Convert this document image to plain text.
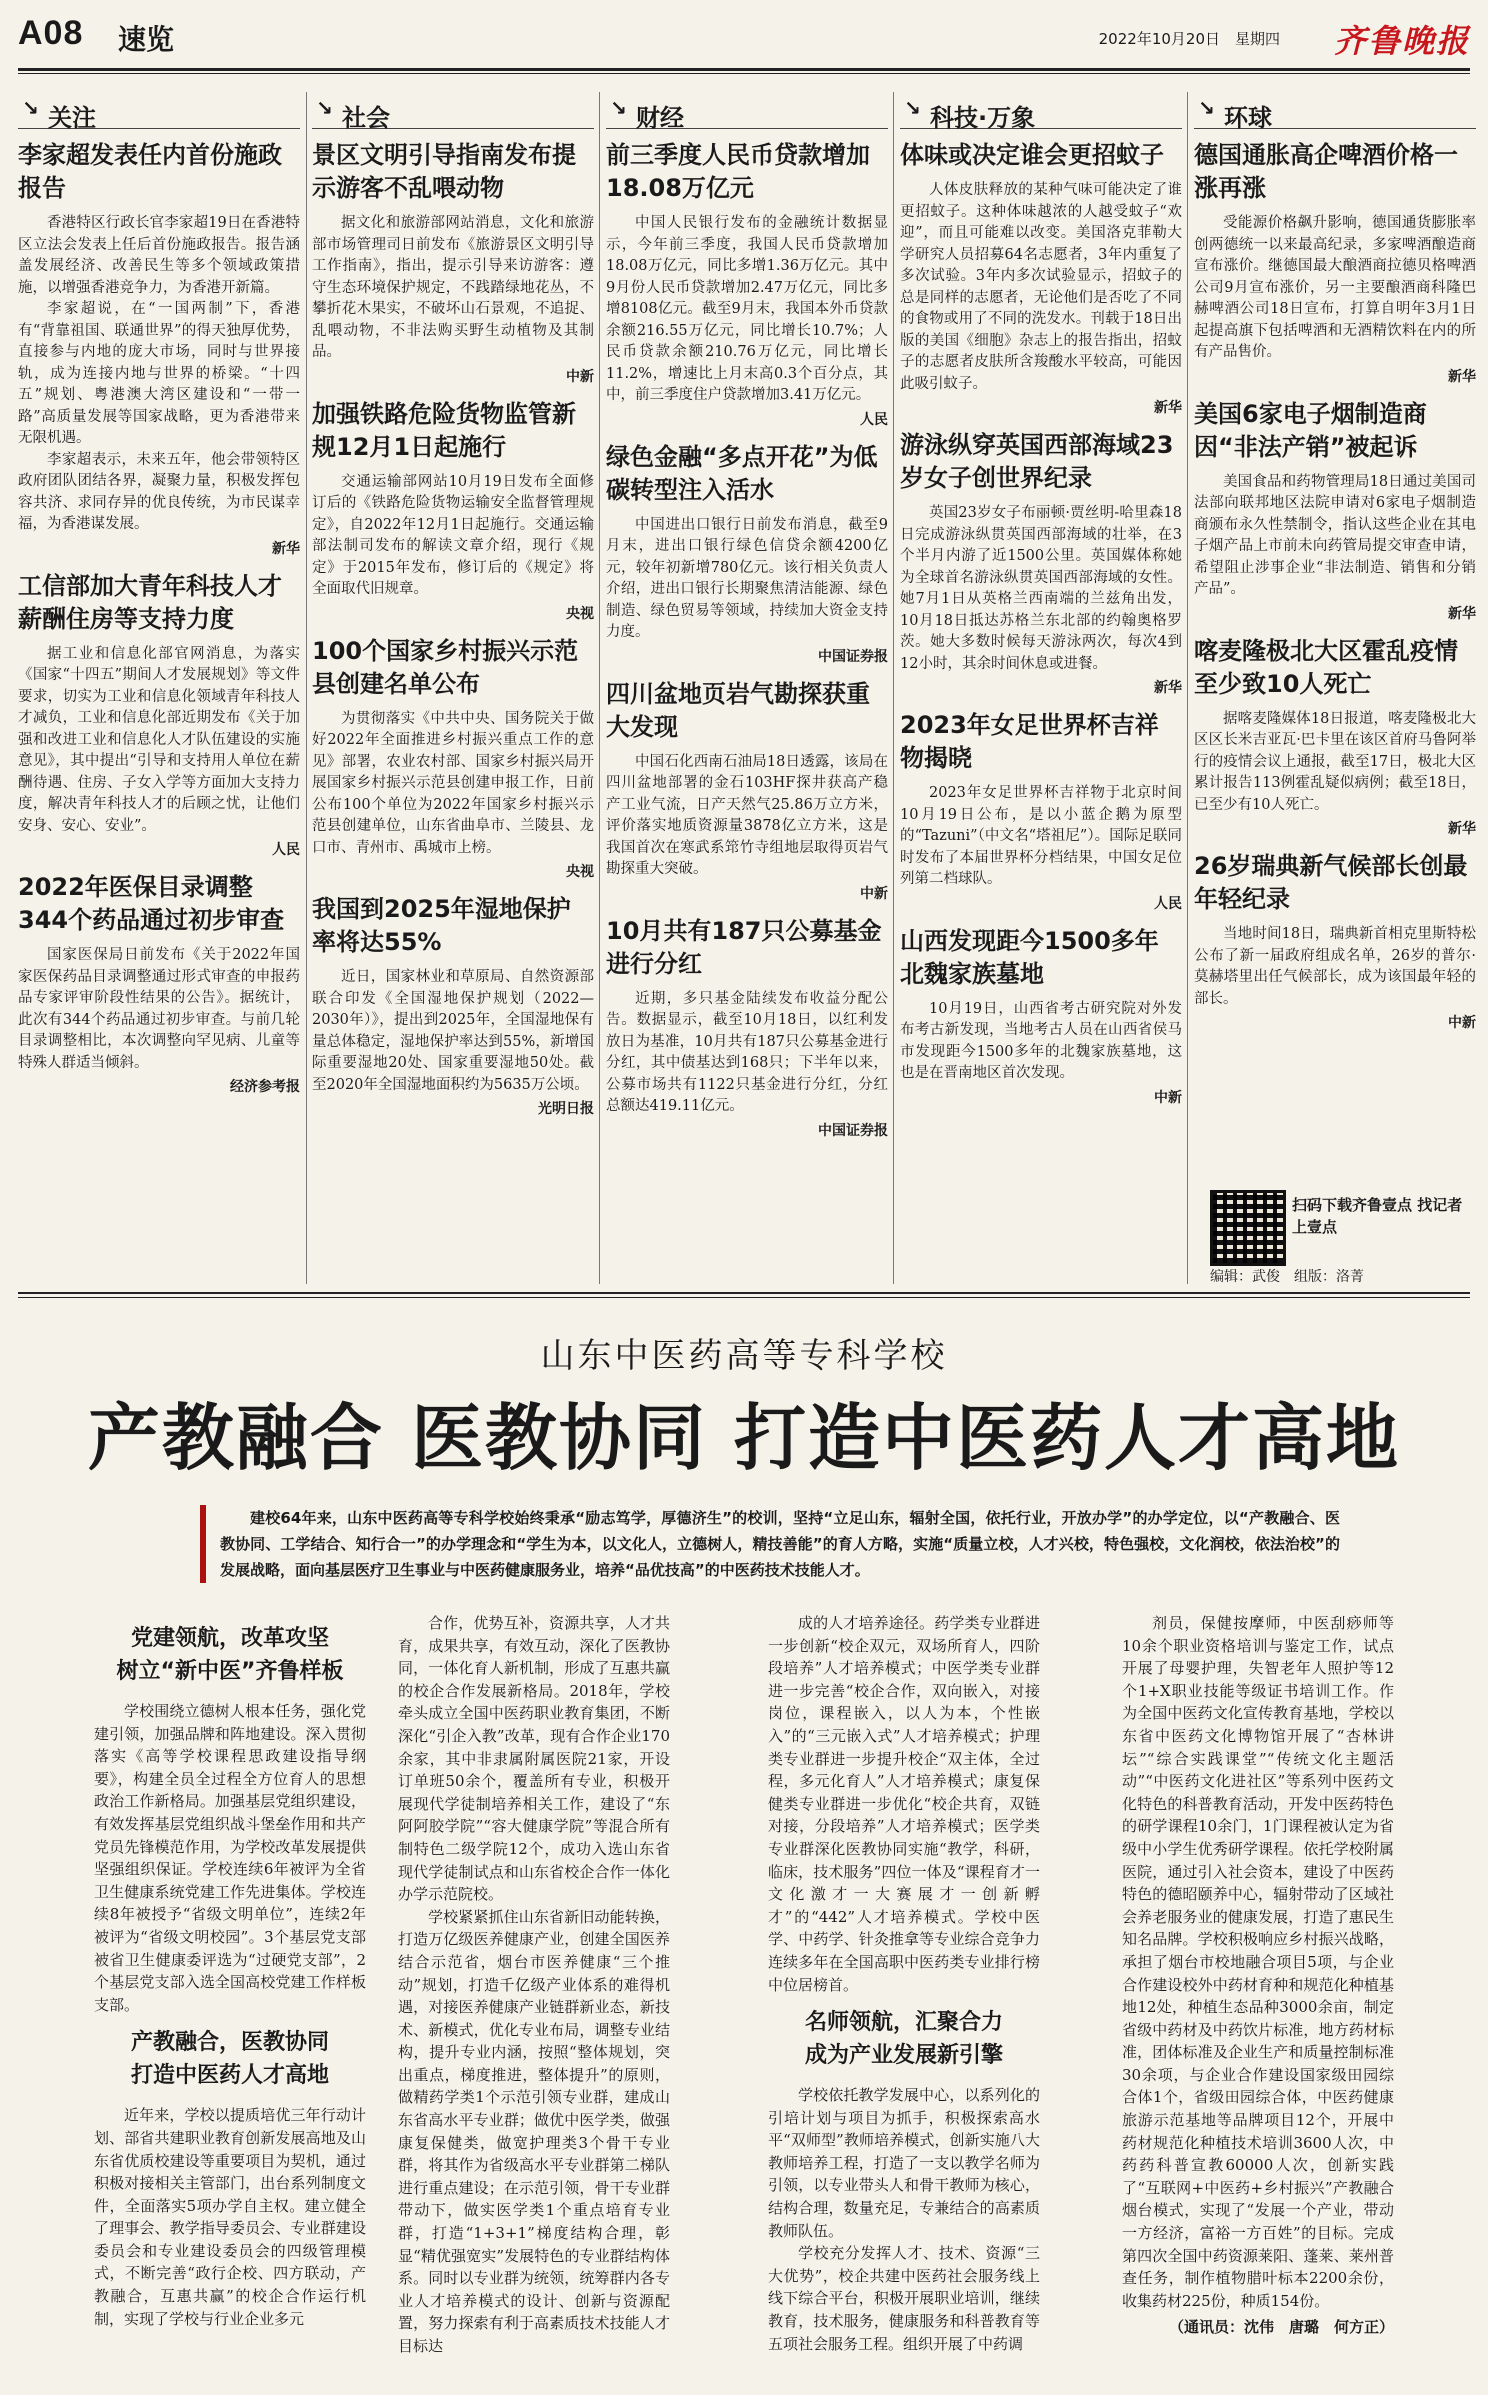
A08 速览	2022年10月20日　星期四 齐鲁晚报
↘ 关注
李家超发表任内首份施政报告

香港特区行政长官李家超19日在香港特区立法会发表上任后首份施政报告。报告涵盖发展经济、改善民生等多个领域政策措施，以增强香港竞争力，为香港开新篇。

李家超说，在“一国两制”下，香港有“背靠祖国、联通世界”的得天独厚优势，直接参与内地的庞大市场，同时与世界接轨，成为连接内地与世界的桥梁。“十四五”规划、粤港澳大湾区建设和“一带一路”高质量发展等国家战略，更为香港带来无限机遇。

李家超表示，未来五年，他会带领特区政府团队团结各界，凝聚力量，积极发挥包容共济、求同存异的优良传统，为市民谋幸福，为香港谋发展。

新华
工信部加大青年科技人才薪酬住房等支持力度

据工业和信息化部官网消息，为落实《国家“十四五”期间人才发展规划》等文件要求，切实为工业和信息化领域青年科技人才减负，工业和信息化部近期发布《关于加强和改进工业和信息化人才队伍建设的实施意见》，其中提出“引导和支持用人单位在薪酬待遇、住房、子女入学等方面加大支持力度，解决青年科技人才的后顾之忧，让他们安身、安心、安业”。

人民
2022年医保目录调整344个药品通过初步审查

国家医保局日前发布《关于2022年国家医保药品目录调整通过形式审查的申报药品专家评审阶段性结果的公告》。据统计，此次有344个药品通过初步审查。与前几轮目录调整相比，本次调整向罕见病、儿童等特殊人群适当倾斜。

经济参考报
↘ 社会
景区文明引导指南发布提示游客不乱喂动物

据文化和旅游部网站消息，文化和旅游部市场管理司日前发布《旅游景区文明引导工作指南》，指出，提示引导来访游客：遵守生态环境保护规定，不践踏绿地花丛，不攀折花木果实，不破坏山石景观，不追捉、乱喂动物，不非法购买野生动植物及其制品。

中新
加强铁路危险货物监管新规12月1日起施行

交通运输部网站10月19日发布全面修订后的《铁路危险货物运输安全监督管理规定》，自2022年12月1日起施行。交通运输部法制司发布的解读文章介绍，现行《规定》于2015年发布，修订后的《规定》将全面取代旧规章。

央视
100个国家乡村振兴示范县创建名单公布

为贯彻落实《中共中央、国务院关于做好2022年全面推进乡村振兴重点工作的意见》部署，农业农村部、国家乡村振兴局开展国家乡村振兴示范县创建申报工作，日前公布100个单位为2022年国家乡村振兴示范县创建单位，山东省曲阜市、兰陵县、龙口市、青州市、禹城市上榜。

央视
我国到2025年湿地保护率将达55%

近日，国家林业和草原局、自然资源部联合印发《全国湿地保护规划（2022—2030年）》，提出到2025年，全国湿地保有量总体稳定，湿地保护率达到55%，新增国际重要湿地20处、国家重要湿地50处。截至2020年全国湿地面积约为5635万公顷。

光明日报
↘ 财经
前三季度人民币贷款增加18.08万亿元

中国人民银行发布的金融统计数据显示，今年前三季度，我国人民币贷款增加18.08万亿元，同比多增1.36万亿元。其中9月份人民币贷款增加2.47万亿元，同比多增8108亿元。截至9月末，我国本外币贷款余额216.55万亿元，同比增长10.7%；人民币贷款余额210.76万亿元，同比增长11.2%，增速比上月末高0.3个百分点，其中，前三季度住户贷款增加3.41万亿元。

人民
绿色金融“多点开花”为低碳转型注入活水

中国进出口银行日前发布消息，截至9月末，进出口银行绿色信贷余额4200亿元，较年初新增780亿元。该行相关负责人介绍，进出口银行长期聚焦清洁能源、绿色制造、绿色贸易等领域，持续加大资金支持力度。

中国证券报
四川盆地页岩气勘探获重大发现

中国石化西南石油局18日透露，该局在四川盆地部署的金石103HF探井获高产稳产工业气流，日产天然气25.86万立方米，评价落实地质资源量3878亿立方米，这是我国首次在寒武系筇竹寺组地层取得页岩气勘探重大突破。

中新
10月共有187只公募基金进行分红

近期，多只基金陆续发布收益分配公告。数据显示，截至10月18日，以红利发放日为基准，10月共有187只公募基金进行分红，其中债基达到168只；下半年以来，公募市场共有1122只基金进行分红，分红总额达419.11亿元。

中国证券报
↘ 科技·万象
体味或决定谁会更招蚊子

人体皮肤释放的某种气味可能决定了谁更招蚊子。这种体味越浓的人越受蚊子“欢迎”，而且可能难以改变。美国洛克菲勒大学研究人员招募64名志愿者，3年内重复了多次试验。3年内多次试验显示，招蚊子的总是同样的志愿者，无论他们是否吃了不同的食物或用了不同的洗发水。刊载于18日出版的美国《细胞》杂志上的报告指出，招蚊子的志愿者皮肤所含羧酸水平较高，可能因此吸引蚊子。

新华
游泳纵穿英国西部海域23岁女子创世界纪录

英国23岁女子布丽顿·贾丝明-哈里森18日完成游泳纵贯英国西部海域的壮举，在3个半月内游了近1500公里。英国媒体称她为全球首名游泳纵贯英国西部海域的女性。她7月1日从英格兰西南端的兰兹角出发，10月18日抵达苏格兰东北部的约翰奥格罗茨。她大多数时候每天游泳两次，每次4到12小时，其余时间休息或进餐。

新华
2023年女足世界杯吉祥物揭晓

2023年女足世界杯吉祥物于北京时间10月19日公布，是以小蓝企鹅为原型的“Tazuni”（中文名“塔祖尼”）。国际足联同时发布了本届世界杯分档结果，中国女足位列第二档球队。

人民
山西发现距今1500多年北魏家族墓地

10月19日，山西省考古研究院对外发布考古新发现，当地考古人员在山西省侯马市发现距今1500多年的北魏家族墓地，这也是在晋南地区首次发现。

中新
↘ 环球
德国通胀高企啤酒价格一涨再涨

受能源价格飙升影响，德国通货膨胀率创两德统一以来最高纪录，多家啤酒酿造商宣布涨价。继德国最大酿酒商拉德贝格啤酒公司9月宣布涨价，另一主要酿酒商科隆巴赫啤酒公司18日宣布，打算自明年3月1日起提高旗下包括啤酒和无酒精饮料在内的所有产品售价。

新华
美国6家电子烟制造商因“非法产销”被起诉

美国食品和药物管理局18日通过美国司法部向联邦地区法院申请对6家电子烟制造商颁布永久性禁制令，指认这些企业在其电子烟产品上市前未向药管局提交审查申请，希望阻止涉事企业“非法制造、销售和分销产品”。

新华
喀麦隆极北大区霍乱疫情至少致10人死亡

据喀麦隆媒体18日报道，喀麦隆极北大区区长米吉亚瓦·巴卡里在该区首府马鲁阿举行的疫情会议上通报，截至17日，极北大区累计报告113例霍乱疑似病例；截至18日，已至少有10人死亡。

新华
26岁瑞典新气候部长创最年轻纪录

当地时间18日，瑞典新首相克里斯特松公布了新一届政府组成名单，26岁的普尔·莫赫塔里出任气候部长，成为该国最年轻的部长。

中新
扫码下载齐鲁壹点 找记者 上壹点
编辑：武俊　组版：洛菁
山东中医药高等专科学校
产教融合 医教协同 打造中医药人才高地
建校64年来，山东中医药高等专科学校始终秉承“励志笃学，厚德济生”的校训，坚持“立足山东，辐射全国，依托行业，开放办学”的办学定位，以“产教融合、医教协同、工学结合、知行合一”的办学理念和“学生为本，以文化人，立德树人，精技善能”的育人方略，实施“质量立校，人才兴校，特色强校，文化润校，依法治校”的发展战略，面向基层医疗卫生事业与中医药健康服务业，培养“品优技高”的中医药技术技能人才。
党建领航，改革攻坚
树立“新中医”齐鲁样板

学校围绕立德树人根本任务，强化党建引领，加强品牌和阵地建设。深入贯彻落实《高等学校课程思政建设指导纲要》，构建全员全过程全方位育人的思想政治工作新格局。加强基层党组织建设，有效发挥基层党组织战斗堡垒作用和共产党员先锋模范作用，为学校改革发展提供坚强组织保证。学校连续6年被评为全省卫生健康系统党建工作先进集体。学校连续8年被授予“省级文明单位”，连续2年被评为“省级文明校园”。3个基层党支部被省卫生健康委评选为“过硬党支部”，2个基层党支部入选全国高校党建工作样板支部。

产教融合，医教协同
打造中医药人才高地

近年来，学校以提质培优三年行动计划、部省共建职业教育创新发展高地及山东省优质校建设等重要项目为契机，通过积极对接相关主管部门，出台系列制度文件，全面落实5项办学自主权。建立健全了理事会、教学指导委员会、专业群建设委员会和专业建设委员会的四级管理模式，不断完善“政行企校、四方联动，产教融合，互惠共赢”的校企合作运行机制，实现了学校与行业企业多元

合作，优势互补，资源共享，人才共育，成果共享，有效互动，深化了医教协同，一体化育人新机制，形成了互惠共赢的校企合作发展新格局。2018年，学校牵头成立全国中医药职业教育集团，不断深化“引企入教”改革，现有合作企业170余家，其中非隶属附属医院21家，开设订单班50余个，覆盖所有专业，积极开展现代学徒制培养相关工作，建设了“东阿阿胶学院”“容大健康学院”等混合所有制特色二级学院12个，成功入选山东省现代学徒制试点和山东省校企合作一体化办学示范院校。

学校紧紧抓住山东省新旧动能转换，打造万亿级医养健康产业，创建全国医养结合示范省，烟台市医养健康“三个推动”规划，打造千亿级产业体系的难得机遇，对接医养健康产业链群新业态，新技术、新模式，优化专业布局，调整专业结构，提升专业内涵，按照“整体规划，突出重点，梯度推进，整体提升”的原则，做精药学类1个示范引领专业群，建成山东省高水平专业群；做优中医学类，做强康复保健类，做宽护理类3个骨干专业群，将其作为省级高水平专业群第二梯队进行重点建设；在示范引领，骨干专业群带动下，做实医学类1个重点培育专业群，打造“1+3+1”梯度结构合理，彰显“精优强宽实”发展特色的专业群结构体系。同时以专业群为统领，统筹群内各专业人才培养模式的设计、创新与资源配置，努力探索有利于高素质技术技能人才目标达

成的人才培养途径。药学类专业群进一步创新“校企双元，双场所育人，四阶段培养”人才培养模式；中医学类专业群进一步完善“校企合作，双向嵌入，对接岗位，课程嵌入，以人为本，个性嵌入”的“三元嵌入式”人才培养模式；护理类专业群进一步提升校企“双主体，全过程，多元化育人”人才培养模式；康复保健类专业群进一步优化“校企共育，双链对接，分段培养”人才培养模式；医学类专业群深化医教协同实施“教学，科研，临床，技术服务”四位一体及“课程育才一文化激才一大赛展才一创新孵才”的“442”人才培养模式。学校中医学、中药学、针灸推拿等专业综合竞争力连续多年在全国高职中医药类专业排行榜中位居榜首。

名师领航，汇聚合力
成为产业发展新引擎

学校依托教学发展中心，以系列化的引培计划与项目为抓手，积极探索高水平“双师型”教师培养模式，创新实施八大教师培养工程，打造了一支以教学名师为引领，以专业带头人和骨干教师为核心，结构合理，数量充足，专兼结合的高素质教师队伍。

学校充分发挥人才、技术、资源“三大优势”，校企共建中医药社会服务线上线下综合平台，积极开展职业培训，继续教育，技术服务，健康服务和科普教育等五项社会服务工程。组织开展了中药调

剂员，保健按摩师，中医刮痧师等10余个职业资格培训与鉴定工作，试点开展了母婴护理，失智老年人照护等12个1+X职业技能等级证书培训工作。作为全国中医药文化宣传教育基地，学校以东省中医药文化博物馆开展了“杏林讲坛”“综合实践课堂”“传统文化主题活动”“中医药文化进社区”等系列中医药文化特色的科普教育活动，开发中医药特色的研学课程10余门，1门课程被认定为省级中小学生优秀研学课程。依托学校附属医院，通过引入社会资本，建设了中医药特色的德昭颐养中心，辐射带动了区域社会养老服务业的健康发展，打造了惠民生知名品牌。学校积极响应乡村振兴战略，承担了烟台市校地融合项目5项，与企业合作建设校外中药材育种和规范化种植基地12处，种植生态品种3000余亩，制定省级中药材及中药饮片标准，地方药材标准，团体标准及企业生产和质量控制标准30余项，与企业合作建设国家级田园综合体1个，省级田园综合体，中医药健康旅游示范基地等品牌项目12个，开展中药材规范化种植技术培训3600人次，中药药科普宣教60000人次，创新实践了“互联网+中医药+乡村振兴”产教融合烟台模式，实现了“发展一个产业，带动一方经济，富裕一方百姓”的目标。完成第四次全国中药资源莱阳、蓬莱、莱州普查任务，制作植物腊叶标本2200余份，收集药材225份，种质154份。

（通讯员：沈伟　唐璐　何方正）
